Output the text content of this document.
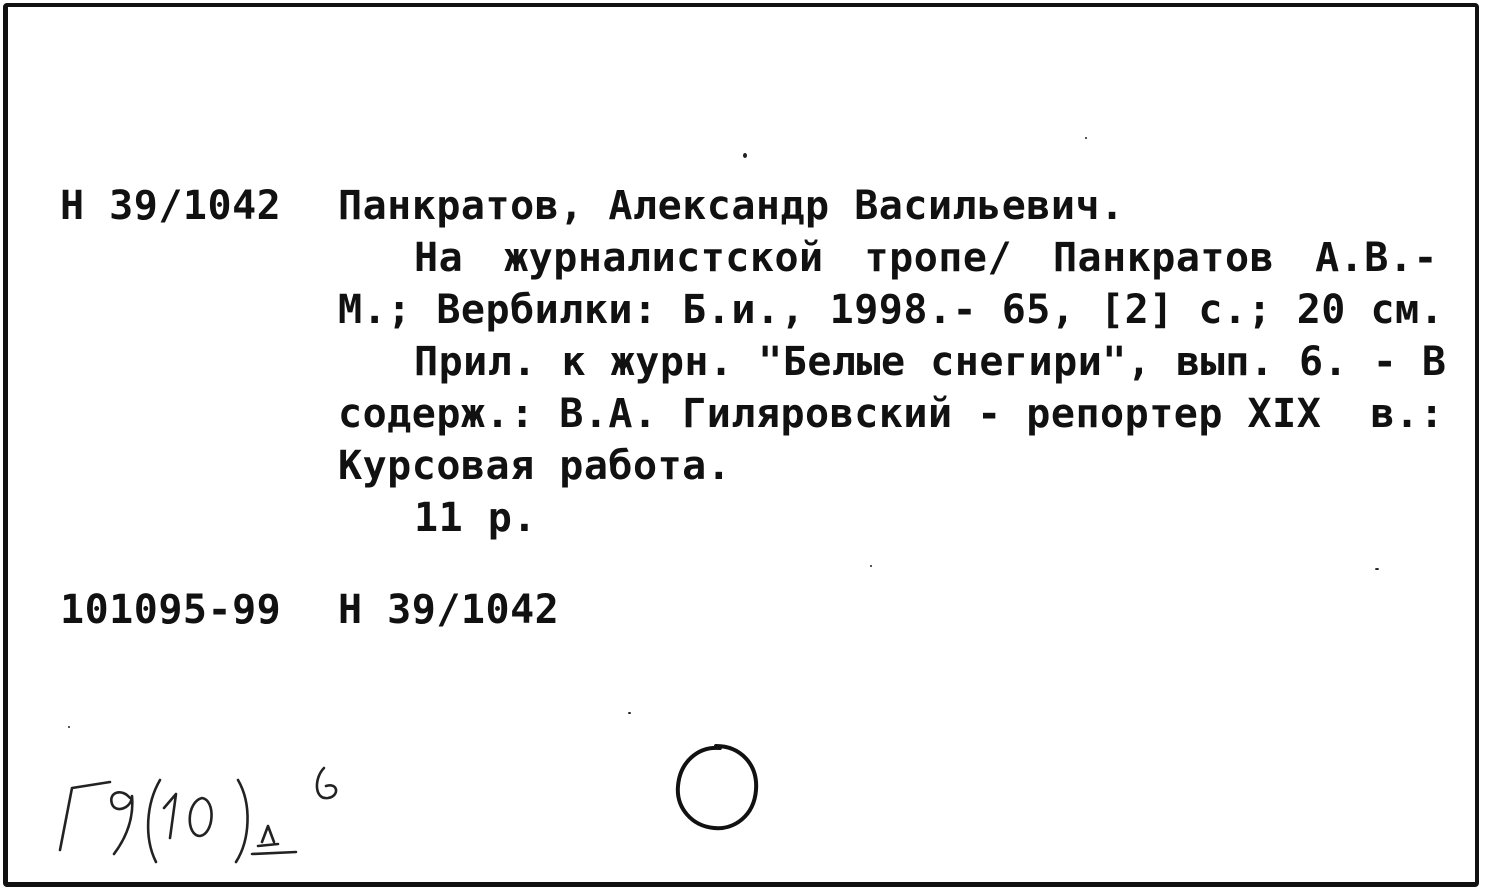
Н 39/1042 Панкратов, Александр Васильевич.
На журналистской тропе/ Панкратов А.В.-
М.; Вербилки: Б.и., 1998.- 65, [2] с.; 20 см.
Прил. к журн. "Белые снегири", вып. 6. - В
содерж.: В.А. Гиляровский - репортер XIX  в.:
Курсовая работа.
11 р.
101095-99 Н 39/1042
